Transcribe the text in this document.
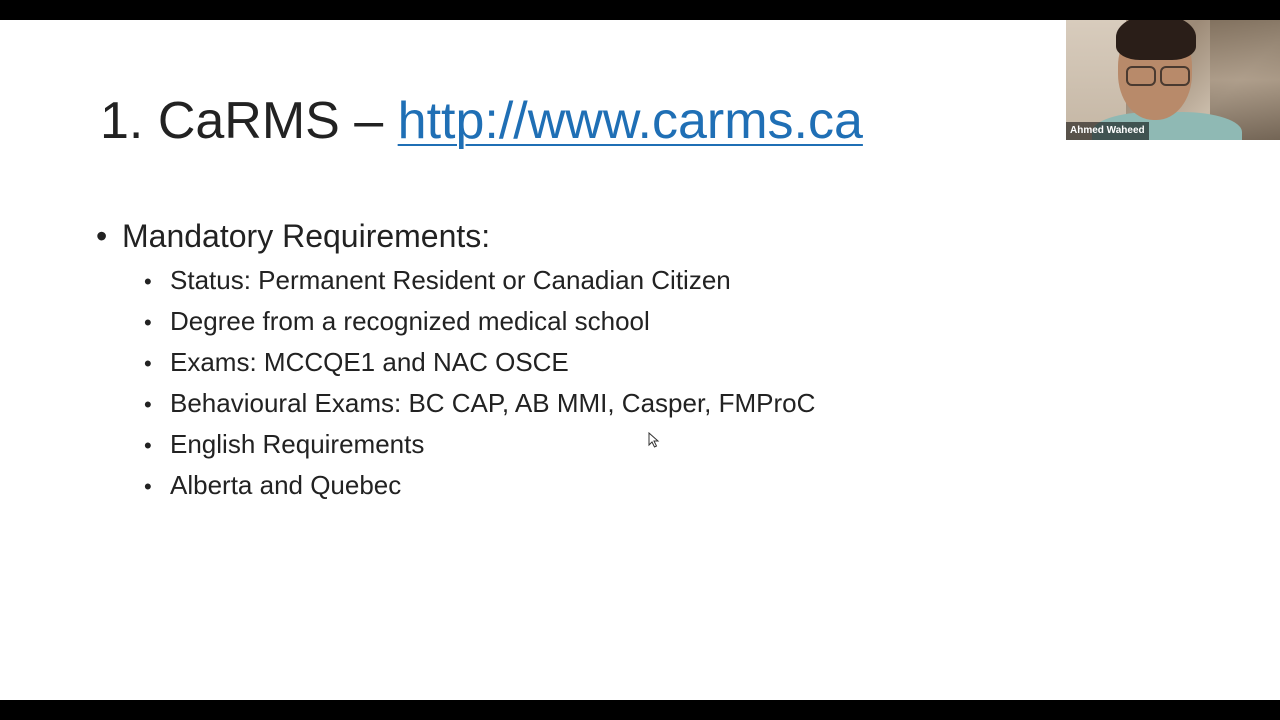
1. CaRMS – http://www.carms.ca
• Mandatory Requirements:
• Status: Permanent Resident or Canadian Citizen
• Degree from a recognized medical school
• Exams: MCCQE1 and NAC OSCE
• Behavioural Exams: BC CAP, AB MMI, Casper, FMProC
• English Requirements
• Alberta and Quebec
Ahmed Waheed
